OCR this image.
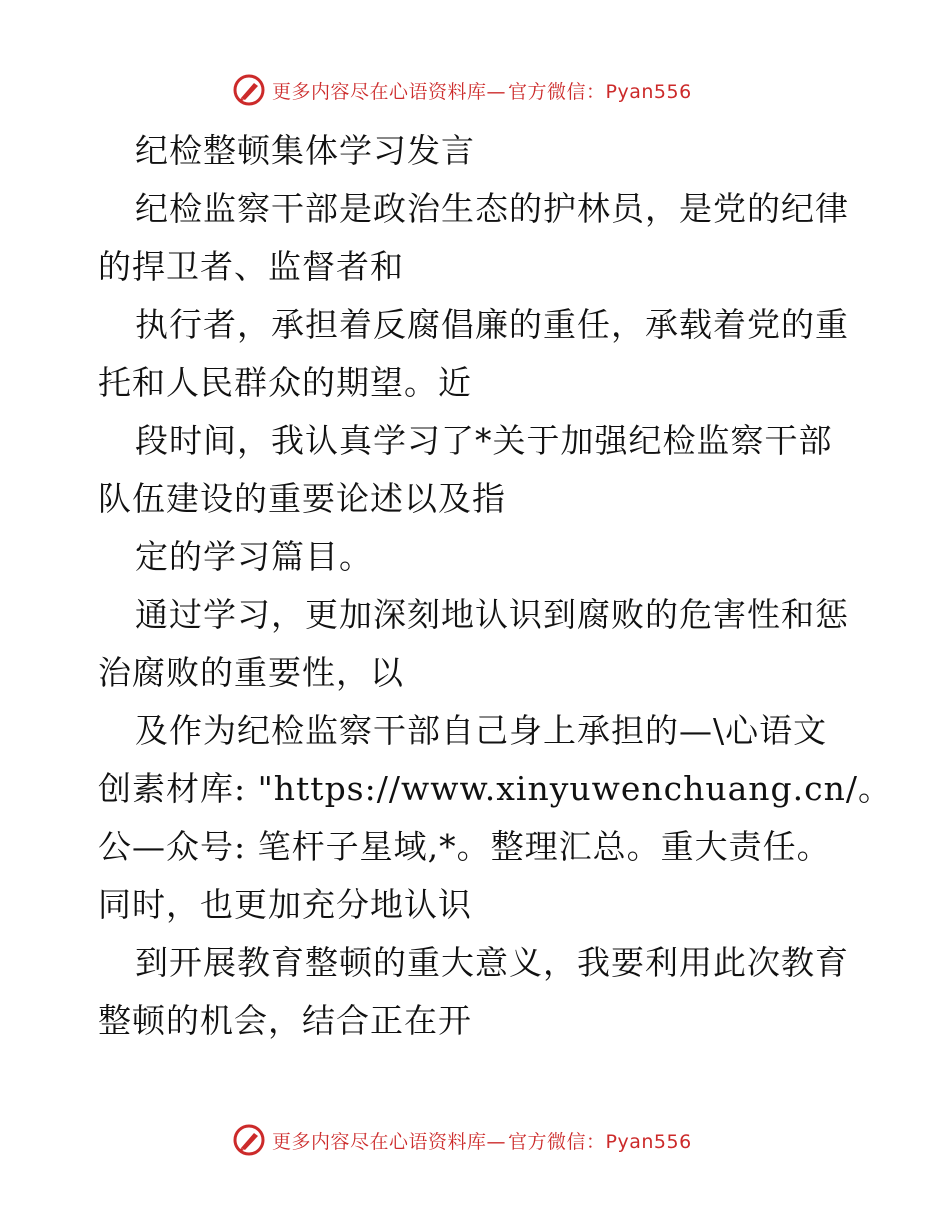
更多内容尽在心语资料库— 官方微信：Pyan556
纪检整顿集体学习发言
纪检监察干部是政治生态的护林员，是党的纪律
的捍卫者、监督者和
执行者，承担着反腐倡廉的重任，承载着党的重
托和人民群众的期望。近
段时间，我认真学习了*关于加强纪检监察干部
队伍建设的重要论述以及指
定的学习篇目。
通过学习，更加深刻地认识到腐败的危害性和惩
治腐败的重要性，以
及作为纪检监察干部自己身上承担的—\心语文
创素材库: "https://www.xinyuwenchuang.cn/。
公—众号: 笔杆子星域,*。整理汇总。重大责任。
同时，也更加充分地认识
到开展教育整顿的重大意义，我要利用此次教育
整顿的机会，结合正在开
更多内容尽在心语资料库— 官方微信：Pyan556
